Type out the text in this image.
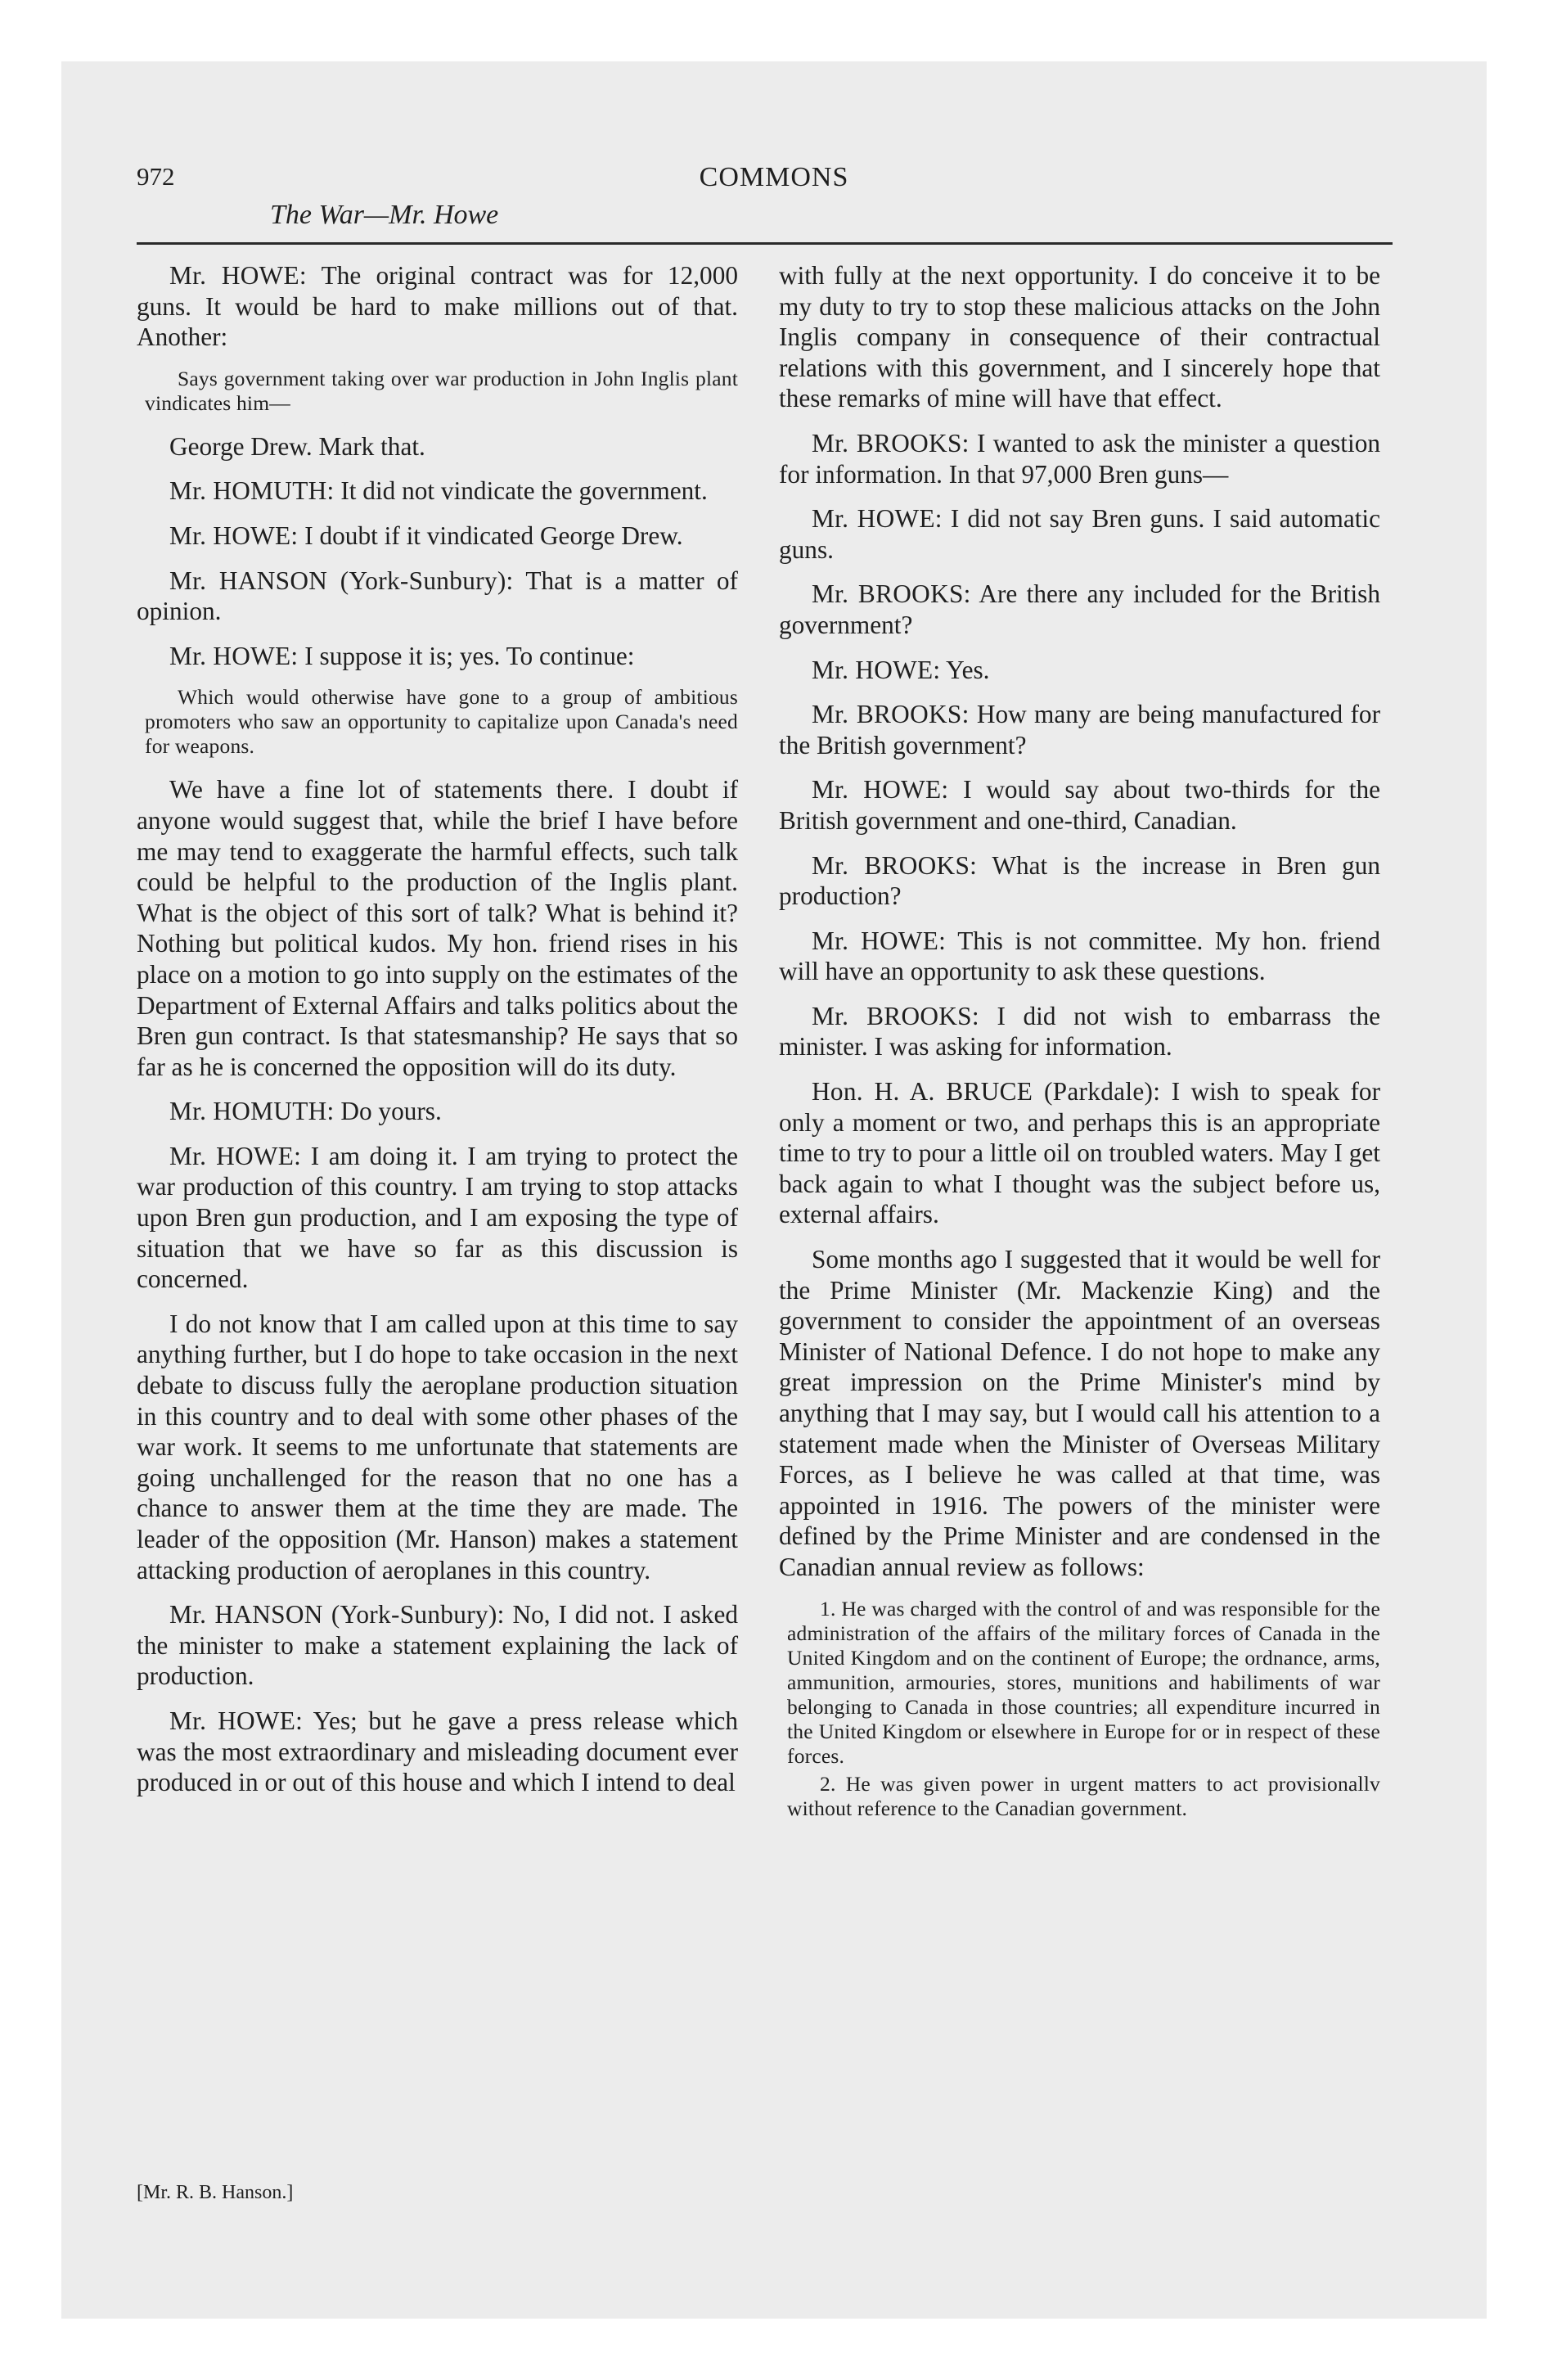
972	COMMONS
The War—Mr. Howe

Mr. HOWE: The original contract was for 12,000 guns. It would be hard to make millions out of that. Another:

Says government taking over war production in John Inglis plant vindicates him—

George Drew. Mark that.

Mr. HOMUTH: It did not vindicate the government.

Mr. HOWE: I doubt if it vindicated George Drew.

Mr. HANSON (York-Sunbury): That is a matter of opinion.

Mr. HOWE: I suppose it is; yes. To continue:

Which would otherwise have gone to a group of ambitious promoters who saw an opportunity to capitalize upon Canada's need for weapons.

We have a fine lot of statements there. I doubt if anyone would suggest that, while the brief I have before me may tend to exaggerate the harmful effects, such talk could be helpful to the production of the Inglis plant. What is the object of this sort of talk? What is behind it? Nothing but political kudos. My hon. friend rises in his place on a motion to go into supply on the estimates of the Department of External Affairs and talks politics about the Bren gun contract. Is that statesmanship? He says that so far as he is concerned the opposition will do its duty.

Mr. HOMUTH: Do yours.

Mr. HOWE: I am doing it. I am trying to protect the war production of this country. I am trying to stop attacks upon Bren gun production, and I am exposing the type of situation that we have so far as this discussion is concerned.

I do not know that I am called upon at this time to say anything further, but I do hope to take occasion in the next debate to discuss fully the aeroplane production situation in this country and to deal with some other phases of the war work. It seems to me unfortunate that statements are going unchallenged for the reason that no one has a chance to answer them at the time they are made. The leader of the opposition (Mr. Hanson) makes a statement attacking production of aeroplanes in this country.

Mr. HANSON (York-Sunbury): No, I did not. I asked the minister to make a statement explaining the lack of production.

Mr. HOWE: Yes; but he gave a press release which was the most extraordinary and misleading document ever produced in or out of this house and which I intend to deal

with fully at the next opportunity. I do conceive it to be my duty to try to stop these malicious attacks on the John Inglis company in consequence of their contractual relations with this government, and I sincerely hope that these remarks of mine will have that effect.

Mr. BROOKS: I wanted to ask the minister a question for information. In that 97,000 Bren guns—

Mr. HOWE: I did not say Bren guns. I said automatic guns.

Mr. BROOKS: Are there any included for the British government?

Mr. HOWE: Yes.

Mr. BROOKS: How many are being manufactured for the British government?

Mr. HOWE: I would say about two-thirds for the British government and one-third, Canadian.

Mr. BROOKS: What is the increase in Bren gun production?

Mr. HOWE: This is not committee. My hon. friend will have an opportunity to ask these questions.

Mr. BROOKS: I did not wish to embarrass the minister. I was asking for information.

Hon. H. A. BRUCE (Parkdale): I wish to speak for only a moment or two, and perhaps this is an appropriate time to try to pour a little oil on troubled waters. May I get back again to what I thought was the subject before us, external affairs.

Some months ago I suggested that it would be well for the Prime Minister (Mr. Mackenzie King) and the government to consider the appointment of an overseas Minister of National Defence. I do not hope to make any great impression on the Prime Minister's mind by anything that I may say, but I would call his attention to a statement made when the Minister of Overseas Military Forces, as I believe he was called at that time, was appointed in 1916. The powers of the minister were defined by the Prime Minister and are condensed in the Canadian annual review as follows:

1. He was charged with the control of and was responsible for the administration of the affairs of the military forces of Canada in the United Kingdom and on the continent of Europe; the ordnance, arms, ammunition, armouries, stores, munitions and habiliments of war belonging to Canada in those countries; all expenditure incurred in the United Kingdom or elsewhere in Europe for or in respect of these forces.

2. He was given power in urgent matters to act provisionallv without reference to the Canadian government.

[Mr. R. B. Hanson.]
